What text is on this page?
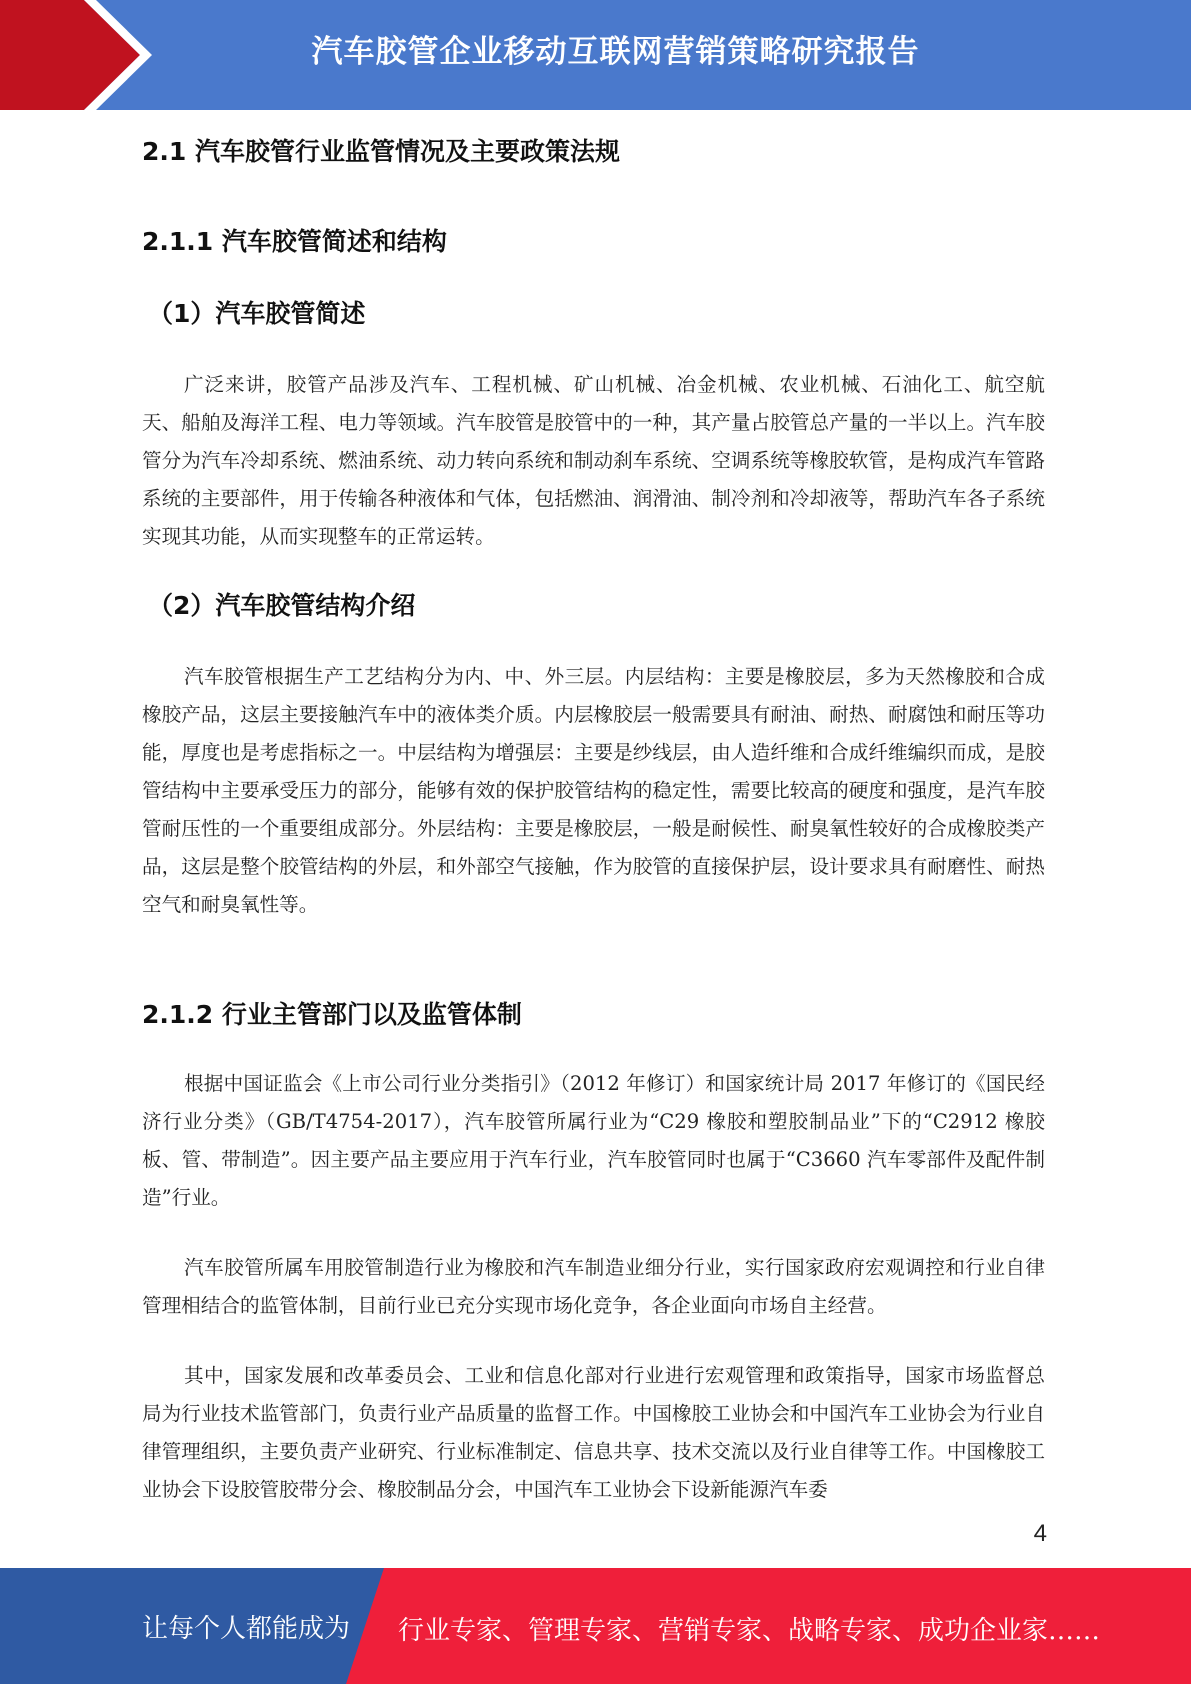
汽车胶管企业移动互联网营销策略研究报告
2.1 汽车胶管行业监管情况及主要政策法规
2.1.1 汽车胶管简述和结构
（1）汽车胶管简述

广泛来讲，胶管产品涉及汽车、工程机械、矿山机械、冶金机械、农业机械、石油化工、航空航天、船舶及海洋工程、电力等领域。汽车胶管是胶管中的一种，其产量占胶管总产量的一半以上。汽车胶管分为汽车冷却系统、燃油系统、动力转向系统和制动刹车系统、空调系统等橡胶软管，是构成汽车管路系统的主要部件，用于传输各种液体和气体，包括燃油、润滑油、制冷剂和冷却液等，帮助汽车各子系统实现其功能，从而实现整车的正常运转。

（2）汽车胶管结构介绍

汽车胶管根据生产工艺结构分为内、中、外三层。内层结构：主要是橡胶层，多为天然橡胶和合成橡胶产品，这层主要接触汽车中的液体类介质。内层橡胶层一般需要具有耐油、耐热、耐腐蚀和耐压等功能，厚度也是考虑指标之一。中层结构为增强层：主要是纱线层，由人造纤维和合成纤维编织而成，是胶管结构中主要承受压力的部分，能够有效的保护胶管结构的稳定性，需要比较高的硬度和强度，是汽车胶管耐压性的一个重要组成部分。外层结构：主要是橡胶层，一般是耐候性、耐臭氧性较好的合成橡胶类产品，这层是整个胶管结构的外层，和外部空气接触，作为胶管的直接保护层，设计要求具有耐磨性、耐热空气和耐臭氧性等。

2.1.2 行业主管部门以及监管体制

根据中国证监会《上市公司行业分类指引》（2012 年修订）和国家统计局 2017 年修订的《国民经济行业分类》（GB/T4754-2017），汽车胶管所属行业为“C29 橡胶和塑胶制品业”下的“C2912 橡胶板、管、带制造”。因主要产品主要应用于汽车行业，汽车胶管同时也属于“C3660 汽车零部件及配件制造”行业。

汽车胶管所属车用胶管制造行业为橡胶和汽车制造业细分行业，实行国家政府宏观调控和行业自律管理相结合的监管体制，目前行业已充分实现市场化竞争，各企业面向市场自主经营。

其中，国家发展和改革委员会、工业和信息化部对行业进行宏观管理和政策指导，国家市场监督总局为行业技术监管部门，负责行业产品质量的监督工作。中国橡胶工业协会和中国汽车工业协会为行业自律管理组织，主要负责产业研究、行业标准制定、信息共享、技术交流以及行业自律等工作。中国橡胶工业协会下设胶管胶带分会、橡胶制品分会，中国汽车工业协会下设新能源汽车委

4
让每个人都能成为 行业专家、管理专家、营销专家、战略专家、成功企业家……
